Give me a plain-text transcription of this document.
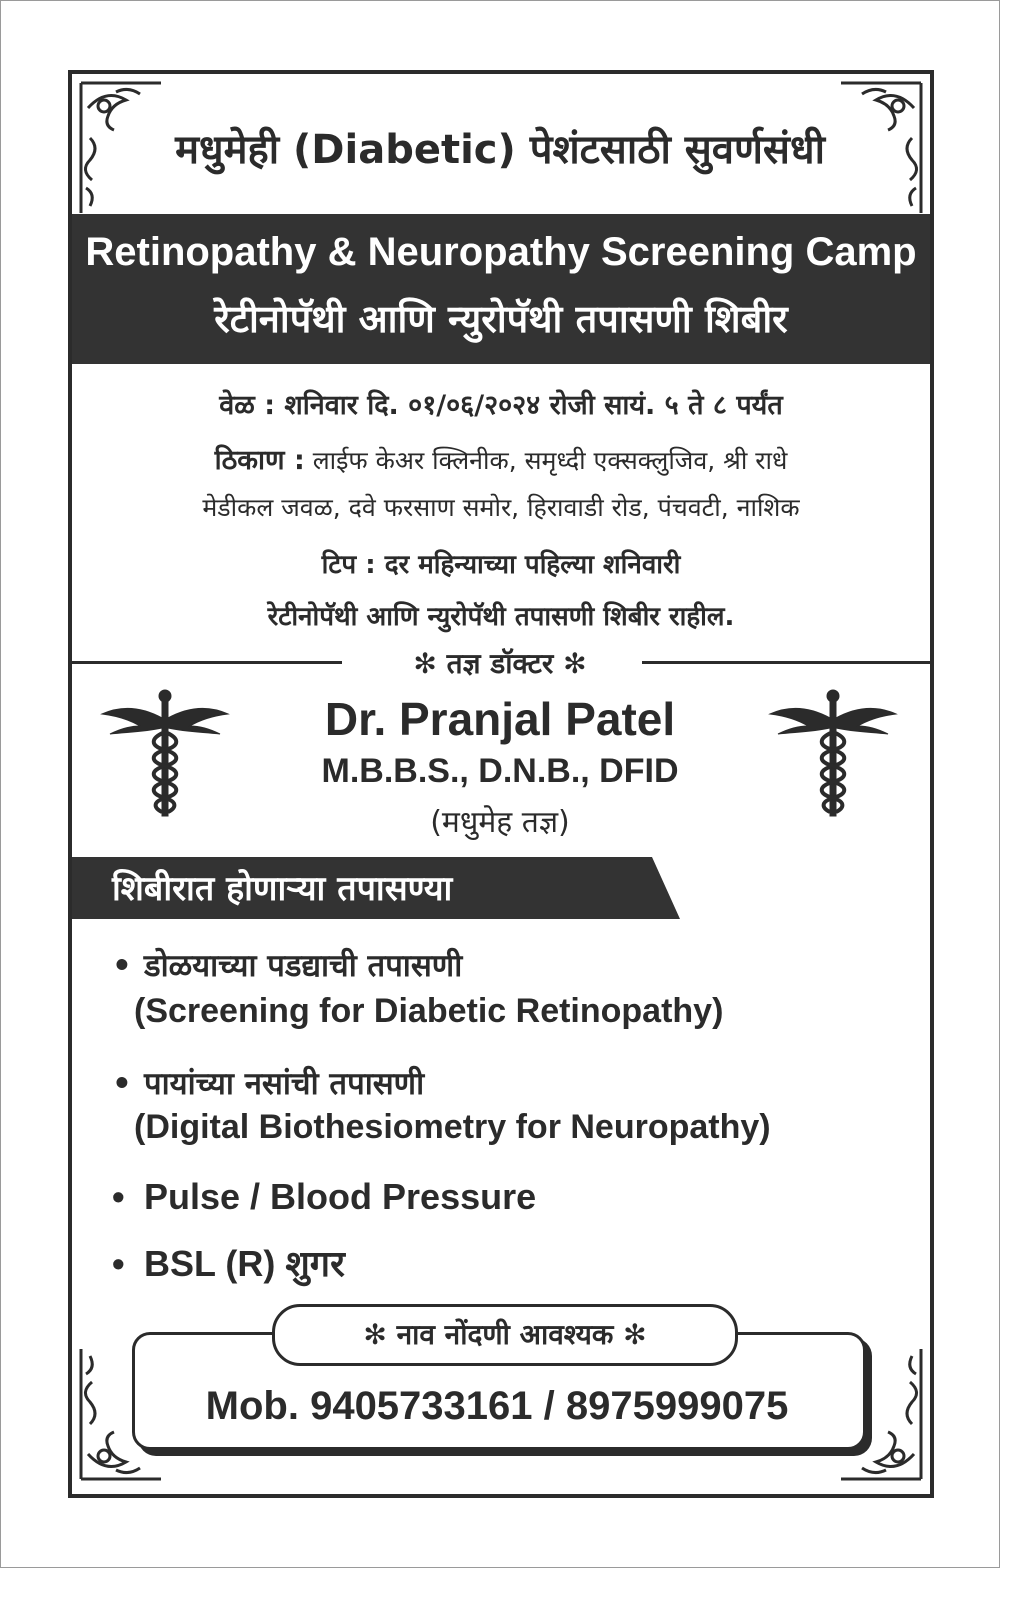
मधुमेही (Diabetic) पेशंटसाठी सुवर्णसंधी
Retinopathy & Neuropathy Screening Camp
रेटीनोपॅथी आणि न्युरोपॅथी तपासणी शिबीर
वेळ : शनिवार दि. ०१/०६/२०२४ रोजी सायं. ५ ते ८ पर्यंत
ठिकाण : लाईफ केअर क्लिनीक, समृध्दी एक्सक्लुजिव, श्री राधे
मेडीकल जवळ, दवे फरसाण समोर, हिरावाडी रोड, पंचवटी, नाशिक
टिप : दर महिन्याच्या पहिल्या शनिवारी
रेटीनोपॅथी आणि न्युरोपॅथी तपासणी शिबीर राहील.
✻ तज्ञ डॉक्टर ✻
Dr. Pranjal Patel
M.B.B.S., D.N.B., DFID
(मधुमेह तज्ञ)
शिबीरात होणाऱ्या तपासण्या
• डोळयाच्या पडद्याची तपासणी
(Screening for Diabetic Retinopathy)
• पायांच्या नसांची तपासणी
(Digital Biothesiometry for Neuropathy)
• Pulse / Blood Pressure
• BSL (R) शुगर
✻ नाव नोंदणी आवश्यक ✻
Mob. 9405733161 / 8975999075
